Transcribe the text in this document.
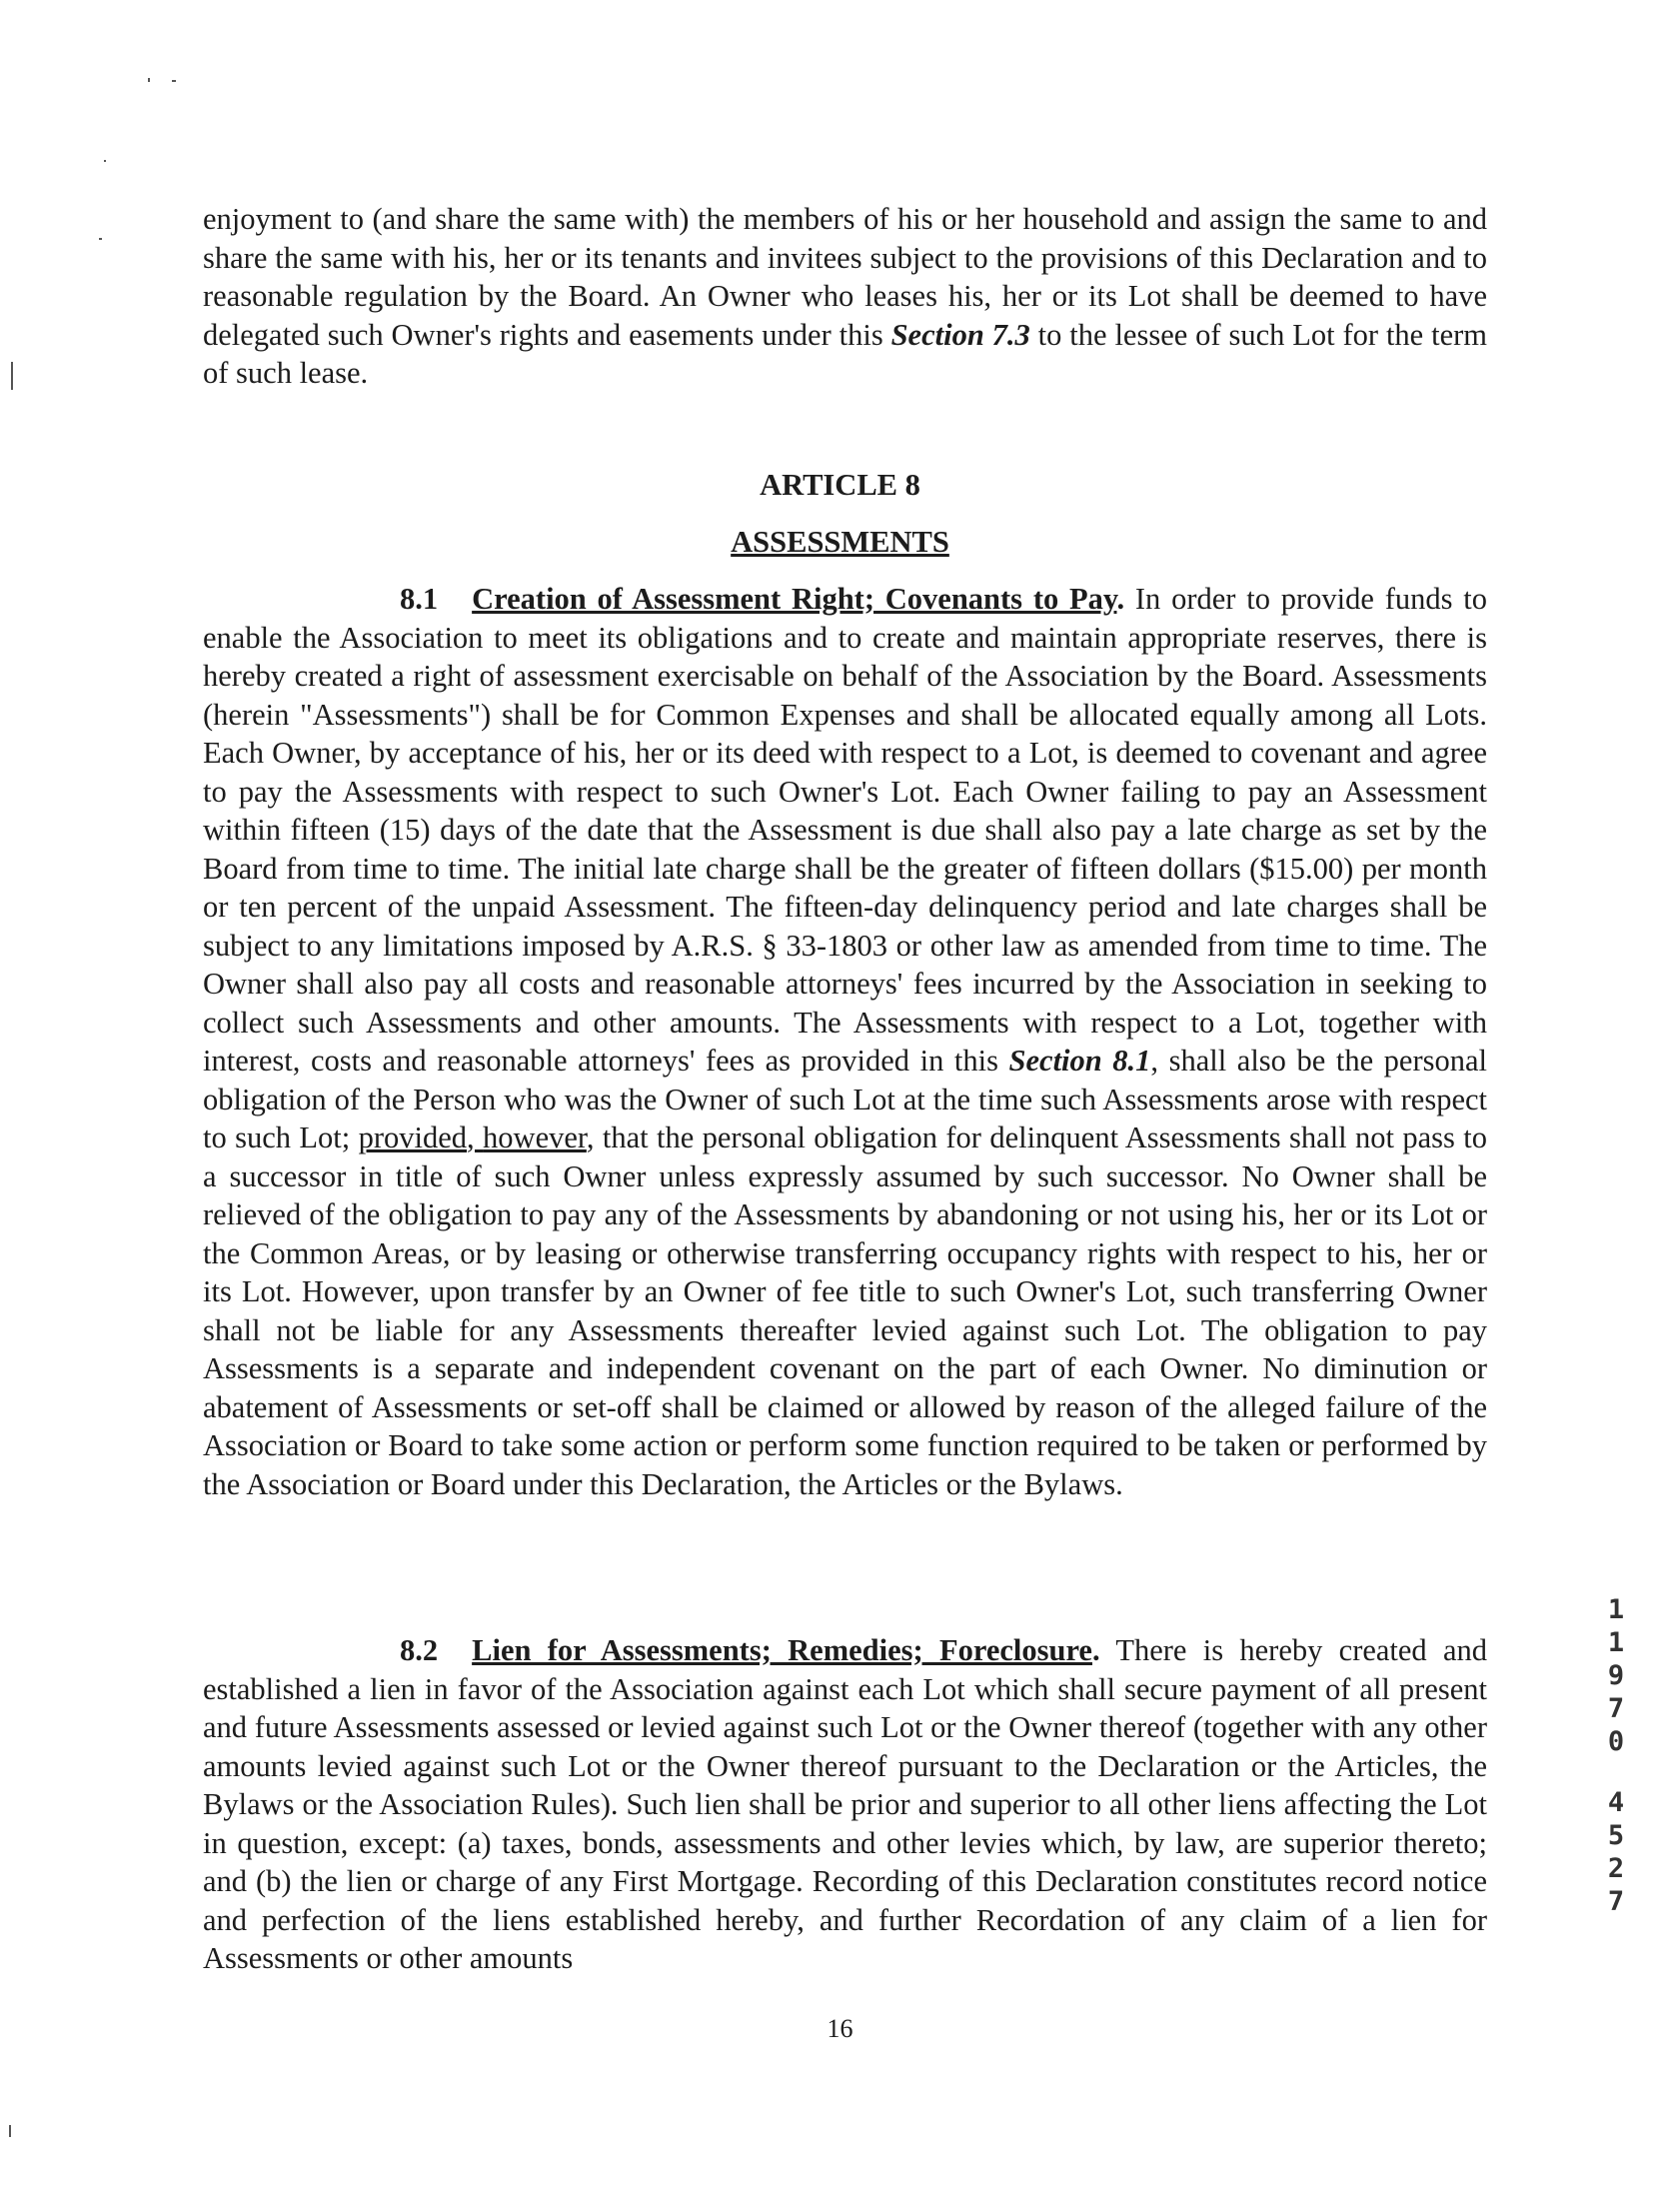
enjoyment to (and share the same with) the members of his or her household and assign the same to and share the same with his, her or its tenants and invitees subject to the provisions of this Declaration and to reasonable regulation by the Board. An Owner who leases his, her or its Lot shall be deemed to have delegated such Owner's rights and easements under this Section 7.3 to the lessee of such Lot for the term of such lease.

ARTICLE 8
ASSESSMENTS

8.1 Creation of Assessment Right; Covenants to Pay. In order to provide funds to enable the Association to meet its obligations and to create and maintain appropriate reserves, there is hereby created a right of assessment exercisable on behalf of the Association by the Board. Assessments (herein "Assessments") shall be for Common Expenses and shall be allocated equally among all Lots. Each Owner, by acceptance of his, her or its deed with respect to a Lot, is deemed to covenant and agree to pay the Assessments with respect to such Owner's Lot. Each Owner failing to pay an Assessment within fifteen (15) days of the date that the Assessment is due shall also pay a late charge as set by the Board from time to time. The initial late charge shall be the greater of fifteen dollars ($15.00) per month or ten percent of the unpaid Assessment. The fifteen-day delinquency period and late charges shall be subject to any limitations imposed by A.R.S. § 33-1803 or other law as amended from time to time. The Owner shall also pay all costs and reasonable attorneys' fees incurred by the Association in seeking to collect such Assessments and other amounts. The Assessments with respect to a Lot, together with interest, costs and reasonable attorneys' fees as provided in this Section 8.1, shall also be the personal obligation of the Person who was the Owner of such Lot at the time such Assessments arose with respect to such Lot; provided, however, that the personal obligation for delinquent Assessments shall not pass to a successor in title of such Owner unless expressly assumed by such successor. No Owner shall be relieved of the obligation to pay any of the Assessments by abandoning or not using his, her or its Lot or the Common Areas, or by leasing or otherwise transferring occupancy rights with respect to his, her or its Lot. However, upon transfer by an Owner of fee title to such Owner's Lot, such transferring Owner shall not be liable for any Assessments thereafter levied against such Lot. The obligation to pay Assessments is a separate and independent covenant on the part of each Owner. No diminution or abatement of Assessments or set-off shall be claimed or allowed by reason of the alleged failure of the Association or Board to take some action or perform some function required to be taken or performed by the Association or Board under this Declaration, the Articles or the Bylaws.

8.2 Lien for Assessments; Remedies; Foreclosure. There is hereby created and established a lien in favor of the Association against each Lot which shall secure payment of all present and future Assessments assessed or levied against such Lot or the Owner thereof (together with any other amounts levied against such Lot or the Owner thereof pursuant to the Declaration or the Articles, the Bylaws or the Association Rules). Such lien shall be prior and superior to all other liens affecting the Lot in question, except: (a) taxes, bonds, assessments and other levies which, by law, are superior thereto; and (b) the lien or charge of any First Mortgage. Recording of this Declaration constitutes record notice and perfection of the liens established hereby, and further Recordation of any claim of a lien for Assessments or other amounts

1
1
9
7
0
4
5
2
7
16
